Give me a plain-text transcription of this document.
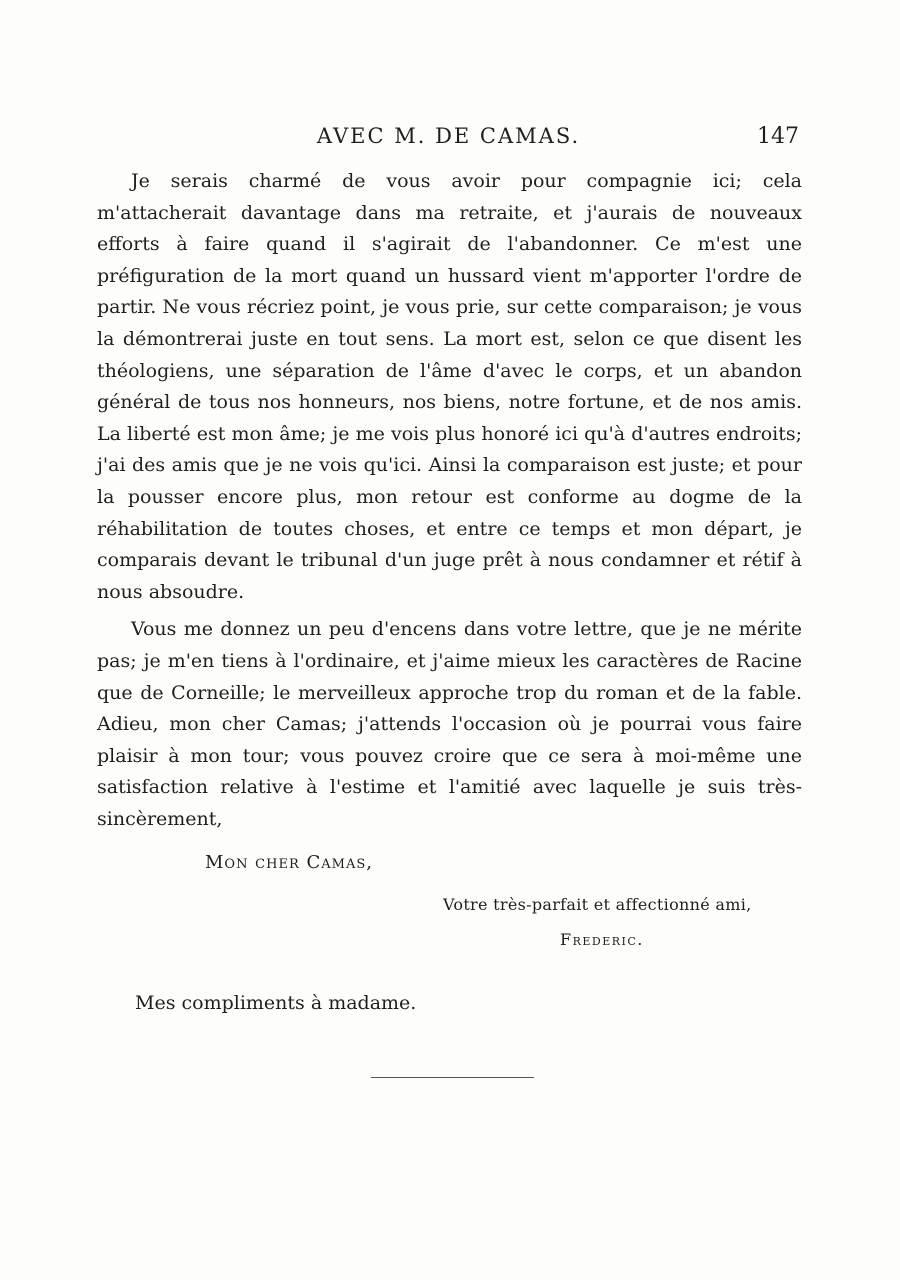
AVEC M. DE CAMAS.	147

Je serais charmé de vous avoir pour compagnie ici; cela m'attacherait davantage dans ma retraite, et j'aurais de nouveaux efforts à faire quand il s'agirait de l'abandonner. Ce m'est une préfiguration de la mort quand un hussard vient m'apporter l'ordre de partir. Ne vous récriez point, je vous prie, sur cette comparaison; je vous la démontrerai juste en tout sens. La mort est, selon ce que disent les théologiens, une séparation de l'âme d'avec le corps, et un abandon général de tous nos honneurs, nos biens, notre fortune, et de nos amis. La liberté est mon âme; je me vois plus honoré ici qu'à d'autres endroits; j'ai des amis que je ne vois qu'ici. Ainsi la comparaison est juste; et pour la pousser encore plus, mon retour est conforme au dogme de la réhabilitation de toutes choses, et entre ce temps et mon départ, je comparais devant le tribunal d'un juge prêt à nous condamner et rétif à nous absoudre.

Vous me donnez un peu d'encens dans votre lettre, que je ne mérite pas; je m'en tiens à l'ordinaire, et j'aime mieux les caractères de Racine que de Corneille; le merveilleux approche trop du roman et de la fable. Adieu, mon cher Camas; j'attends l'occasion où je pourrai vous faire plaisir à mon tour; vous pouvez croire que ce sera à moi-même une satisfaction relative à l'estime et l'amitié avec laquelle je suis très-sincèrement,

Mon cher Camas,
Votre très-parfait et affectionné ami,
Frederic.
Mes compliments à madame.
